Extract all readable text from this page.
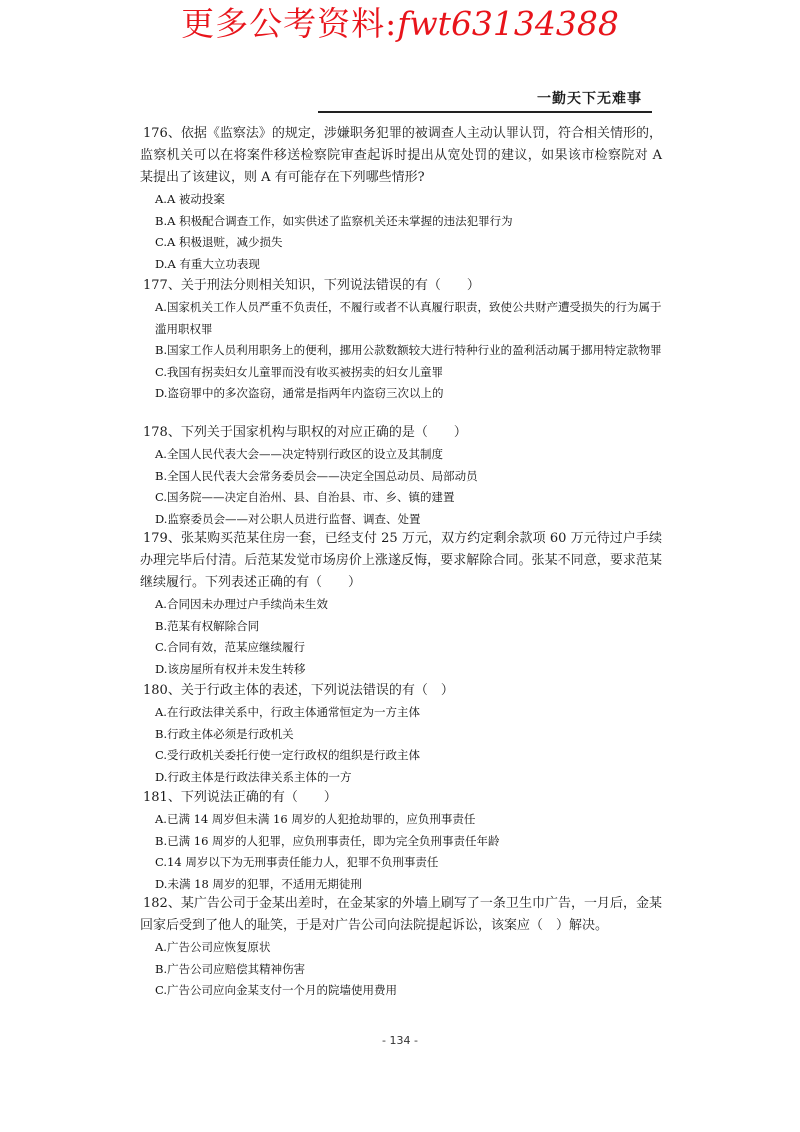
更多公考资料:fwt63134388
一勤天下无难事

176、依据《监察法》的规定，涉嫌职务犯罪的被调查人主动认罪认罚，符合相关情形的，监察机关可以在将案件移送检察院审查起诉时提出从宽处罚的建议，如果该市检察院对 A 某提出了该建议，则 A 有可能存在下列哪些情形?

A.A 被动投案

B.A 积极配合调查工作，如实供述了监察机关还未掌握的违法犯罪行为

C.A 积极退赃，减少损失

D.A 有重大立功表现

177、关于刑法分则相关知识，下列说法错误的有（　　）

A.国家机关工作人员严重不负责任，不履行或者不认真履行职责，致使公共财产遭受损失的行为属于滥用职权罪

B.国家工作人员利用职务上的便利，挪用公款数额较大进行特种行业的盈利活动属于挪用特定款物罪

C.我国有拐卖妇女儿童罪而没有收买被拐卖的妇女儿童罪

D.盗窃罪中的多次盗窃，通常是指两年内盗窃三次以上的

178、下列关于国家机构与职权的对应正确的是（　　）

A.全国人民代表大会——决定特别行政区的设立及其制度

B.全国人民代表大会常务委员会——决定全国总动员、局部动员

C.国务院——决定自治州、县、自治县、市、乡、镇的建置

D.监察委员会——对公职人员进行监督、调查、处置

179、张某购买范某住房一套，已经支付 25 万元，双方约定剩余款项 60 万元待过户手续办理完毕后付清。后范某发觉市场房价上涨遂反悔，要求解除合同。张某不同意，要求范某继续履行。下列表述正确的有（　　）

A.合同因未办理过户手续尚未生效

B.范某有权解除合同

C.合同有效，范某应继续履行

D.该房屋所有权并未发生转移

180、关于行政主体的表述，下列说法错误的有（　）

A.在行政法律关系中，行政主体通常恒定为一方主体

B.行政主体必须是行政机关

C.受行政机关委托行使一定行政权的组织是行政主体

D.行政主体是行政法律关系主体的一方

181、下列说法正确的有（　　）

A.已满 14 周岁但未满 16 周岁的人犯抢劫罪的，应负刑事责任

B.已满 16 周岁的人犯罪，应负刑事责任，即为完全负刑事责任年龄

C.14 周岁以下为无刑事责任能力人，犯罪不负刑事责任

D.未满 18 周岁的犯罪，不适用无期徒刑

182、某广告公司于金某出差时，在金某家的外墙上刷写了一条卫生巾广告，一月后，金某回家后受到了他人的耻笑，于是对广告公司向法院提起诉讼，该案应（　）解决。

A.广告公司应恢复原状

B.广告公司应赔偿其精神伤害

C.广告公司应向金某支付一个月的院墙使用费用

- 134 -
